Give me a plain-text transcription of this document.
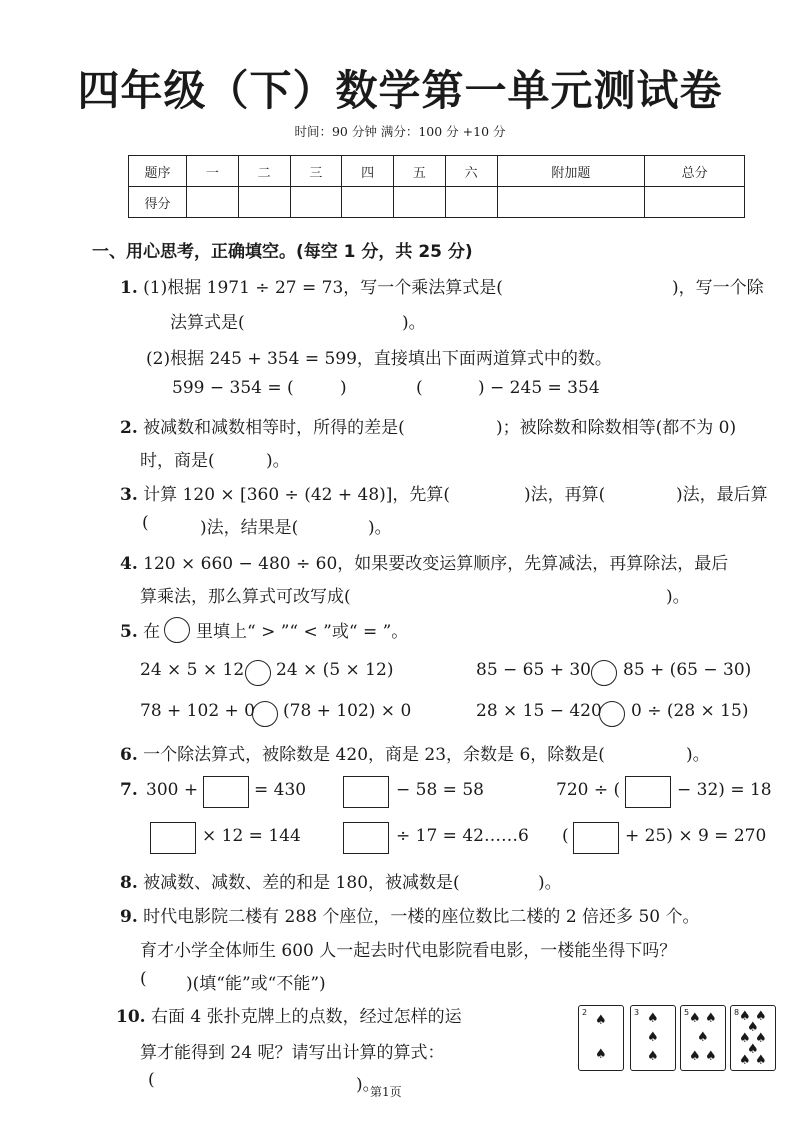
四年级（下）数学第一单元测试卷
时间：90 分钟 满分：100 分 +10 分
题序	一	二	三	四	五	六	附加题	总分
得分								
一、用心思考，正确填空。(每空 1 分，共 25 分)
1. (1)根据 1971 ÷ 27 = 73，写一个乘法算式是(	)，写一个除
法算式是(	)。
(2)根据 245 + 354 = 599，直接填出下面两道算式中的数。
599 − 354 = (	)	(	) − 245 = 354
2. 被减数和减数相等时，所得的差是(	)；被除数和除数相等(都不为 0)
时，商是(	)。
3. 计算 120 × [360 ÷ (42 + 48)]，先算(	)法，再算(	)法，最后算
(	)法，结果是(	)。
4. 120 × 660 − 480 ÷ 60，如果要改变运算顺序，先算减法，再算除法，最后
算乘法，那么算式可改写成(	)。
5. 在 里填上“ > ”“ < ”或“ = ”。
24 × 5 × 12 24 × (5 × 12)	85 − 65 + 30 85 + (65 − 30)
78 + 102 + 0 (78 + 102) × 0	28 × 15 − 420 0 ÷ (28 × 15)
6. 一个除法算式，被除数是 420，商是 23，余数是 6，除数是(	)。
7. 300 +	= 430	− 58 = 58	720 ÷ (	− 32) = 18
× 12 = 144	÷ 17 = 42……6 (	+ 25) × 9 = 270
8. 被减数、减数、差的和是 180，被减数是(	)。
9. 时代电影院二楼有 288 个座位，一楼的座位数比二楼的 2 倍还多 50 个。
育才小学全体师生 600 人一起去时代电影院看电影，一楼能坐得下吗？
( )(填“能”或“不能”)
10. 右面 4 张扑克牌上的点数，经过怎样的运
算才能得到 24 呢？请写出计算的算式：
(	)。
2
♠
♠
3 ♠
♠
♠
5 ♠ ♠
♠
♠ ♠
8 ♠ ♠
♠
♠ ♠
♠
♠ ♠
第1页
